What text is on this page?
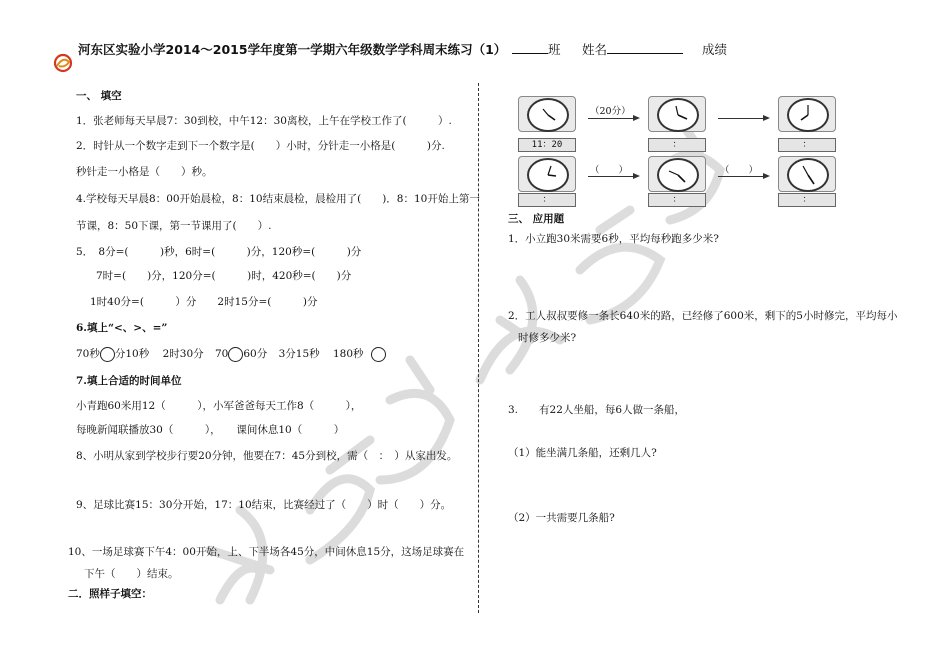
河东区实验小学2014～2015学年度第一学期六年级数学学科周末练习（1）	班 姓名	成绩
一、 填空
1．张老师每天早晨7：30到校，中午12：30离校，上午在学校工作了(　　　）.
2．时针从一个数字走到下一个数字是(　　）小时，分针走一小格是(　　　)分.
秒针走一小格是（　　）秒。
4.学校每天早晨8：00开始晨检，8：10结束晨检，晨检用了(　　)．8：10开始上第一
节课，8：50下课，第一节课用了(　　）.
5．　8分=(　　　)秒，6时=(　　　)分，120秒=(　　　)分
7时=(　　)分，120分=(　　　)时，420秒=(　　)分
1时40分=(　　　）分　　2时15分=(　　　)分
6.填上“<、>、=”
70秒 分10秒 2时30分 70 60分 3分15秒 180秒
7.填上合适的时间单位
小青跑60米用12（　　　），小军爸爸每天工作8（　　　），
每晚新闻联播放30（　　　），　　课间休息10（　　　）
8、小明从家到学校步行要20分钟，他要在7：45分到校，需（　：　）从家出发。
9、足球比赛15：30分开始，17：10结束，比赛经过了（　　）时（　　）分。
10、一场足球赛下午4：00开始，上、下半场各45分，中间休息15分，这场足球赛在
下午（　　）结束。
二．照样子填空：
11：20
（20分）
：	：
：
（　　）
：
（　　）
：
三、 应用题
1．小立跑30米需要6秒，平均每秒跑多少米?
2．工人叔叔要修一条长640米的路，已经修了600米，剩下的5小时修完，平均每小
时修多少米?
3.　　有22人坐船，每6人做一条船，
（1）能坐满几条船，还剩几人?
（2）一共需要几条船?
